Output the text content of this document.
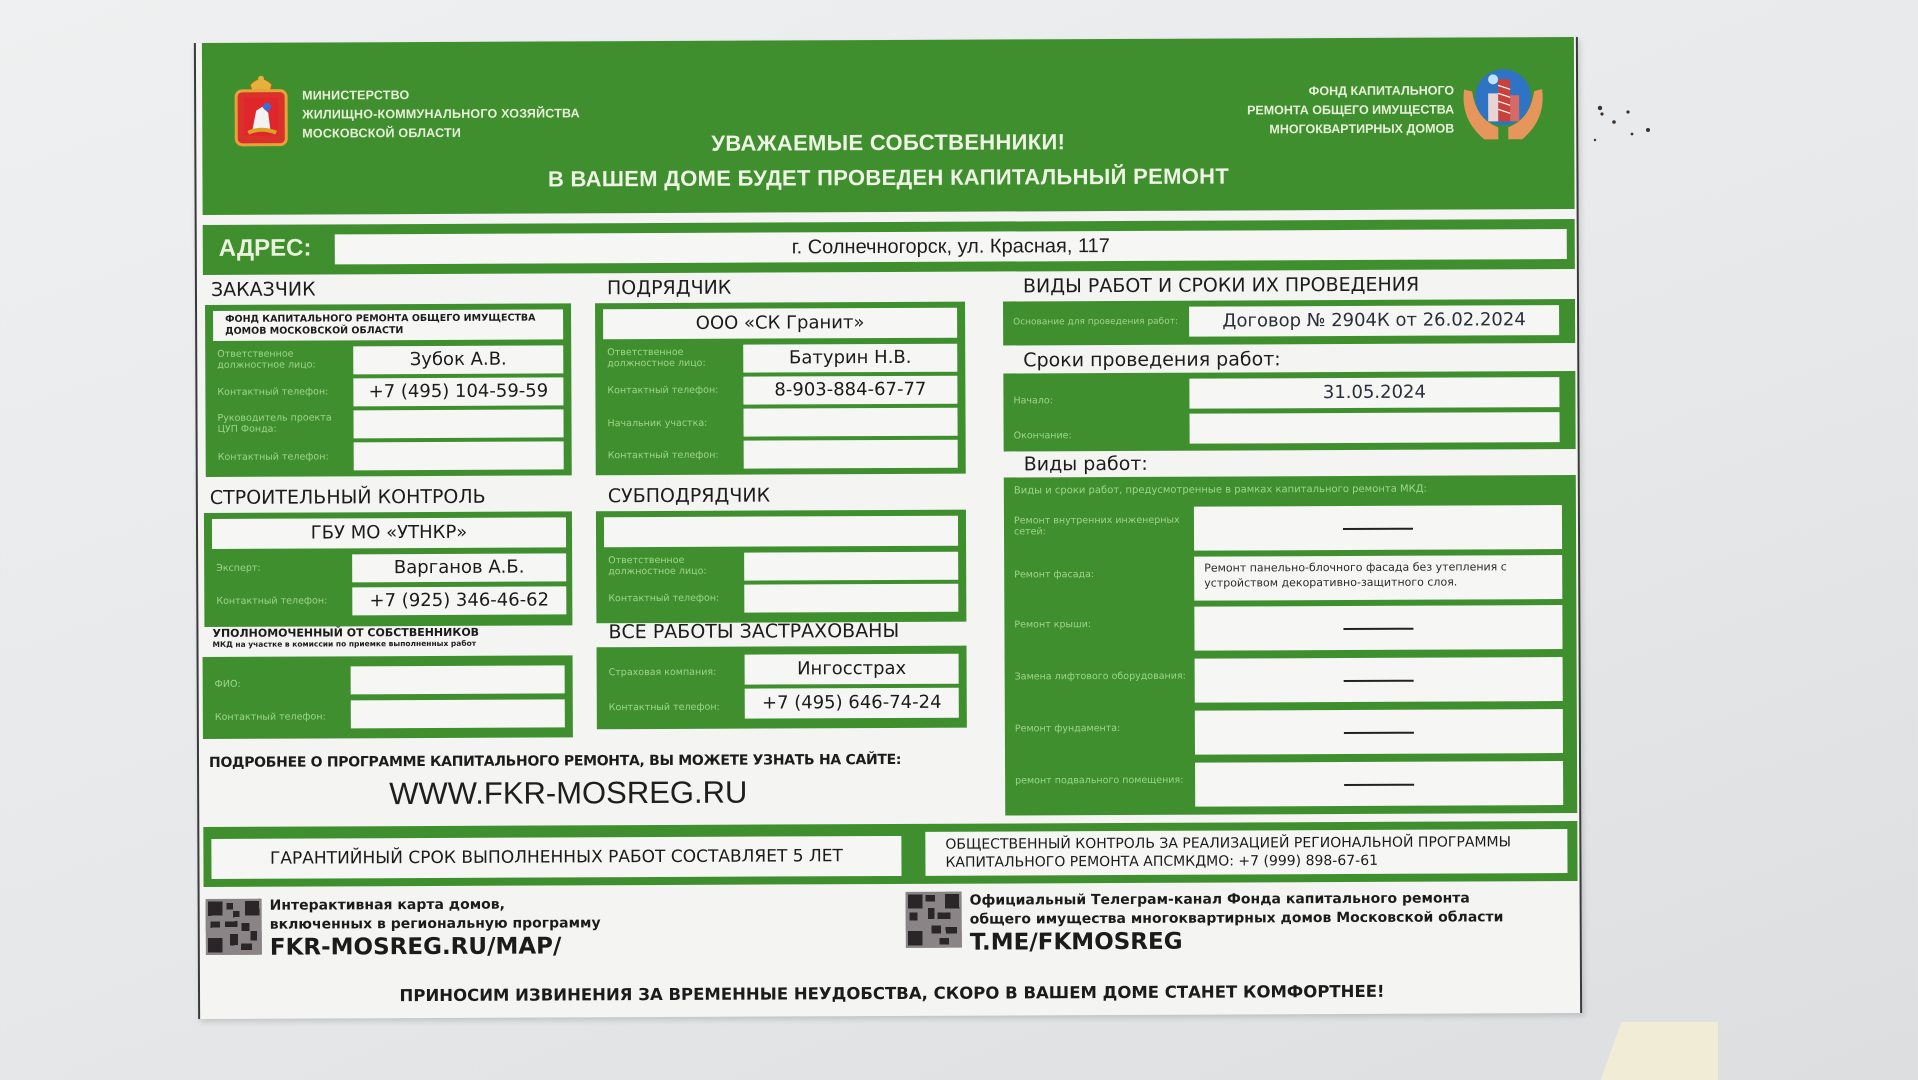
МИНИСТЕРСТВО
ЖИЛИЩНО-КОММУНАЛЬНОГО ХОЗЯЙСТВА
МОСКОВСКОЙ ОБЛАСТИ	УВАЖАЕМЫЕ СОБСТВЕННИКИ!
В ВАШЕМ ДОМЕ БУДЕТ ПРОВЕДЕН КАПИТАЛЬНЫЙ РЕМОНТ
ФОНД КАПИТАЛЬНОГО
РЕМОНТА ОБЩЕГО ИМУЩЕСТВА
МНОГОКВАРТИРНЫХ ДОМОВ
АДРЕС:	г. Солнечногорск, ул. Красная, 117
ЗАКАЗЧИК
ФОНД КАПИТАЛЬНОГО РЕМОНТА ОБЩЕГО ИМУЩЕСТВА ДОМОВ МОСКОВСКОЙ ОБЛАСТИ
Ответственное должностное лицо:	Зубок А.В.
Контактный телефон:	+7 (495) 104-59-59
Руководитель проекта ЦУП Фонда:
Контактный телефон:
ПОДРЯДЧИК
ООО «СК Гранит»
Ответственное должностное лицо:	Батурин Н.В.
Контактный телефон:	8-903-884-67-77
Начальник участка:
Контактный телефон:
СТРОИТЕЛЬНЫЙ КОНТРОЛЬ
ГБУ МО «УТНКР»
Эксперт:	Варганов А.Б.
Контактный телефон:	+7 (925) 346-46-62
УПОЛНОМОЧЕННЫЙ ОТ СОБСТВЕННИКОВ
МКД на участке в комиссии по приемке выполненных работ
ФИО:
Контактный телефон:
СУБПОДРЯДЧИК
Ответственное должностное лицо:
Контактный телефон:
ВСЕ РАБОТЫ ЗАСТРАХОВАНЫ
Страховая компания:	Ингосстрах
Контактный телефон:	+7 (495) 646-74-24
ВИДЫ РАБОТ И СРОКИ ИХ ПРОВЕДЕНИЯ
Основание для проведения работ:	Договор № 2904К от 26.02.2024
Сроки проведения работ:
Начало:	31.05.2024
Окончание:
Виды работ:
Виды и сроки работ, предусмотренные в рамках капитального ремонта МКД:
Ремонт внутренних инженерных сетей:
Ремонт фасада:
Ремонт панельно-блочного фасада без утепления с устройством декоративно-защитного слоя.
Ремонт крыши:
Замена лифтового оборудования:
Ремонт фундамента:
ремонт подвального помещения:
ПОДРОБНЕЕ О ПРОГРАММЕ КАПИТАЛЬНОГО РЕМОНТА, ВЫ МОЖЕТЕ УЗНАТЬ НА САЙТЕ:
WWW.FKR-MOSREG.RU
ГАРАНТИЙНЫЙ СРОК ВЫПОЛНЕННЫХ РАБОТ СОСТАВЛЯЕТ 5 ЛЕТ
ОБЩЕСТВЕННЫЙ КОНТРОЛЬ ЗА РЕАЛИЗАЦИЕЙ РЕГИОНАЛЬНОЙ ПРОГРАММЫ
КАПИТАЛЬНОГО РЕМОНТА АПСМКДМО: +7 (999) 898-67-61
Интерактивная карта домов,
включенных в региональную программу
FKR-MOSREG.RU/MAP/
Официальный Телеграм-канал Фонда капитального ремонта
общего имущества многоквартирных домов Московской области
T.ME/FKMOSREG
ПРИНОСИМ ИЗВИНЕНИЯ ЗА ВРЕМЕННЫЕ НЕУДОБСТВА, СКОРО В ВАШЕМ ДОМЕ СТАНЕТ КОМФОРТНЕЕ!
